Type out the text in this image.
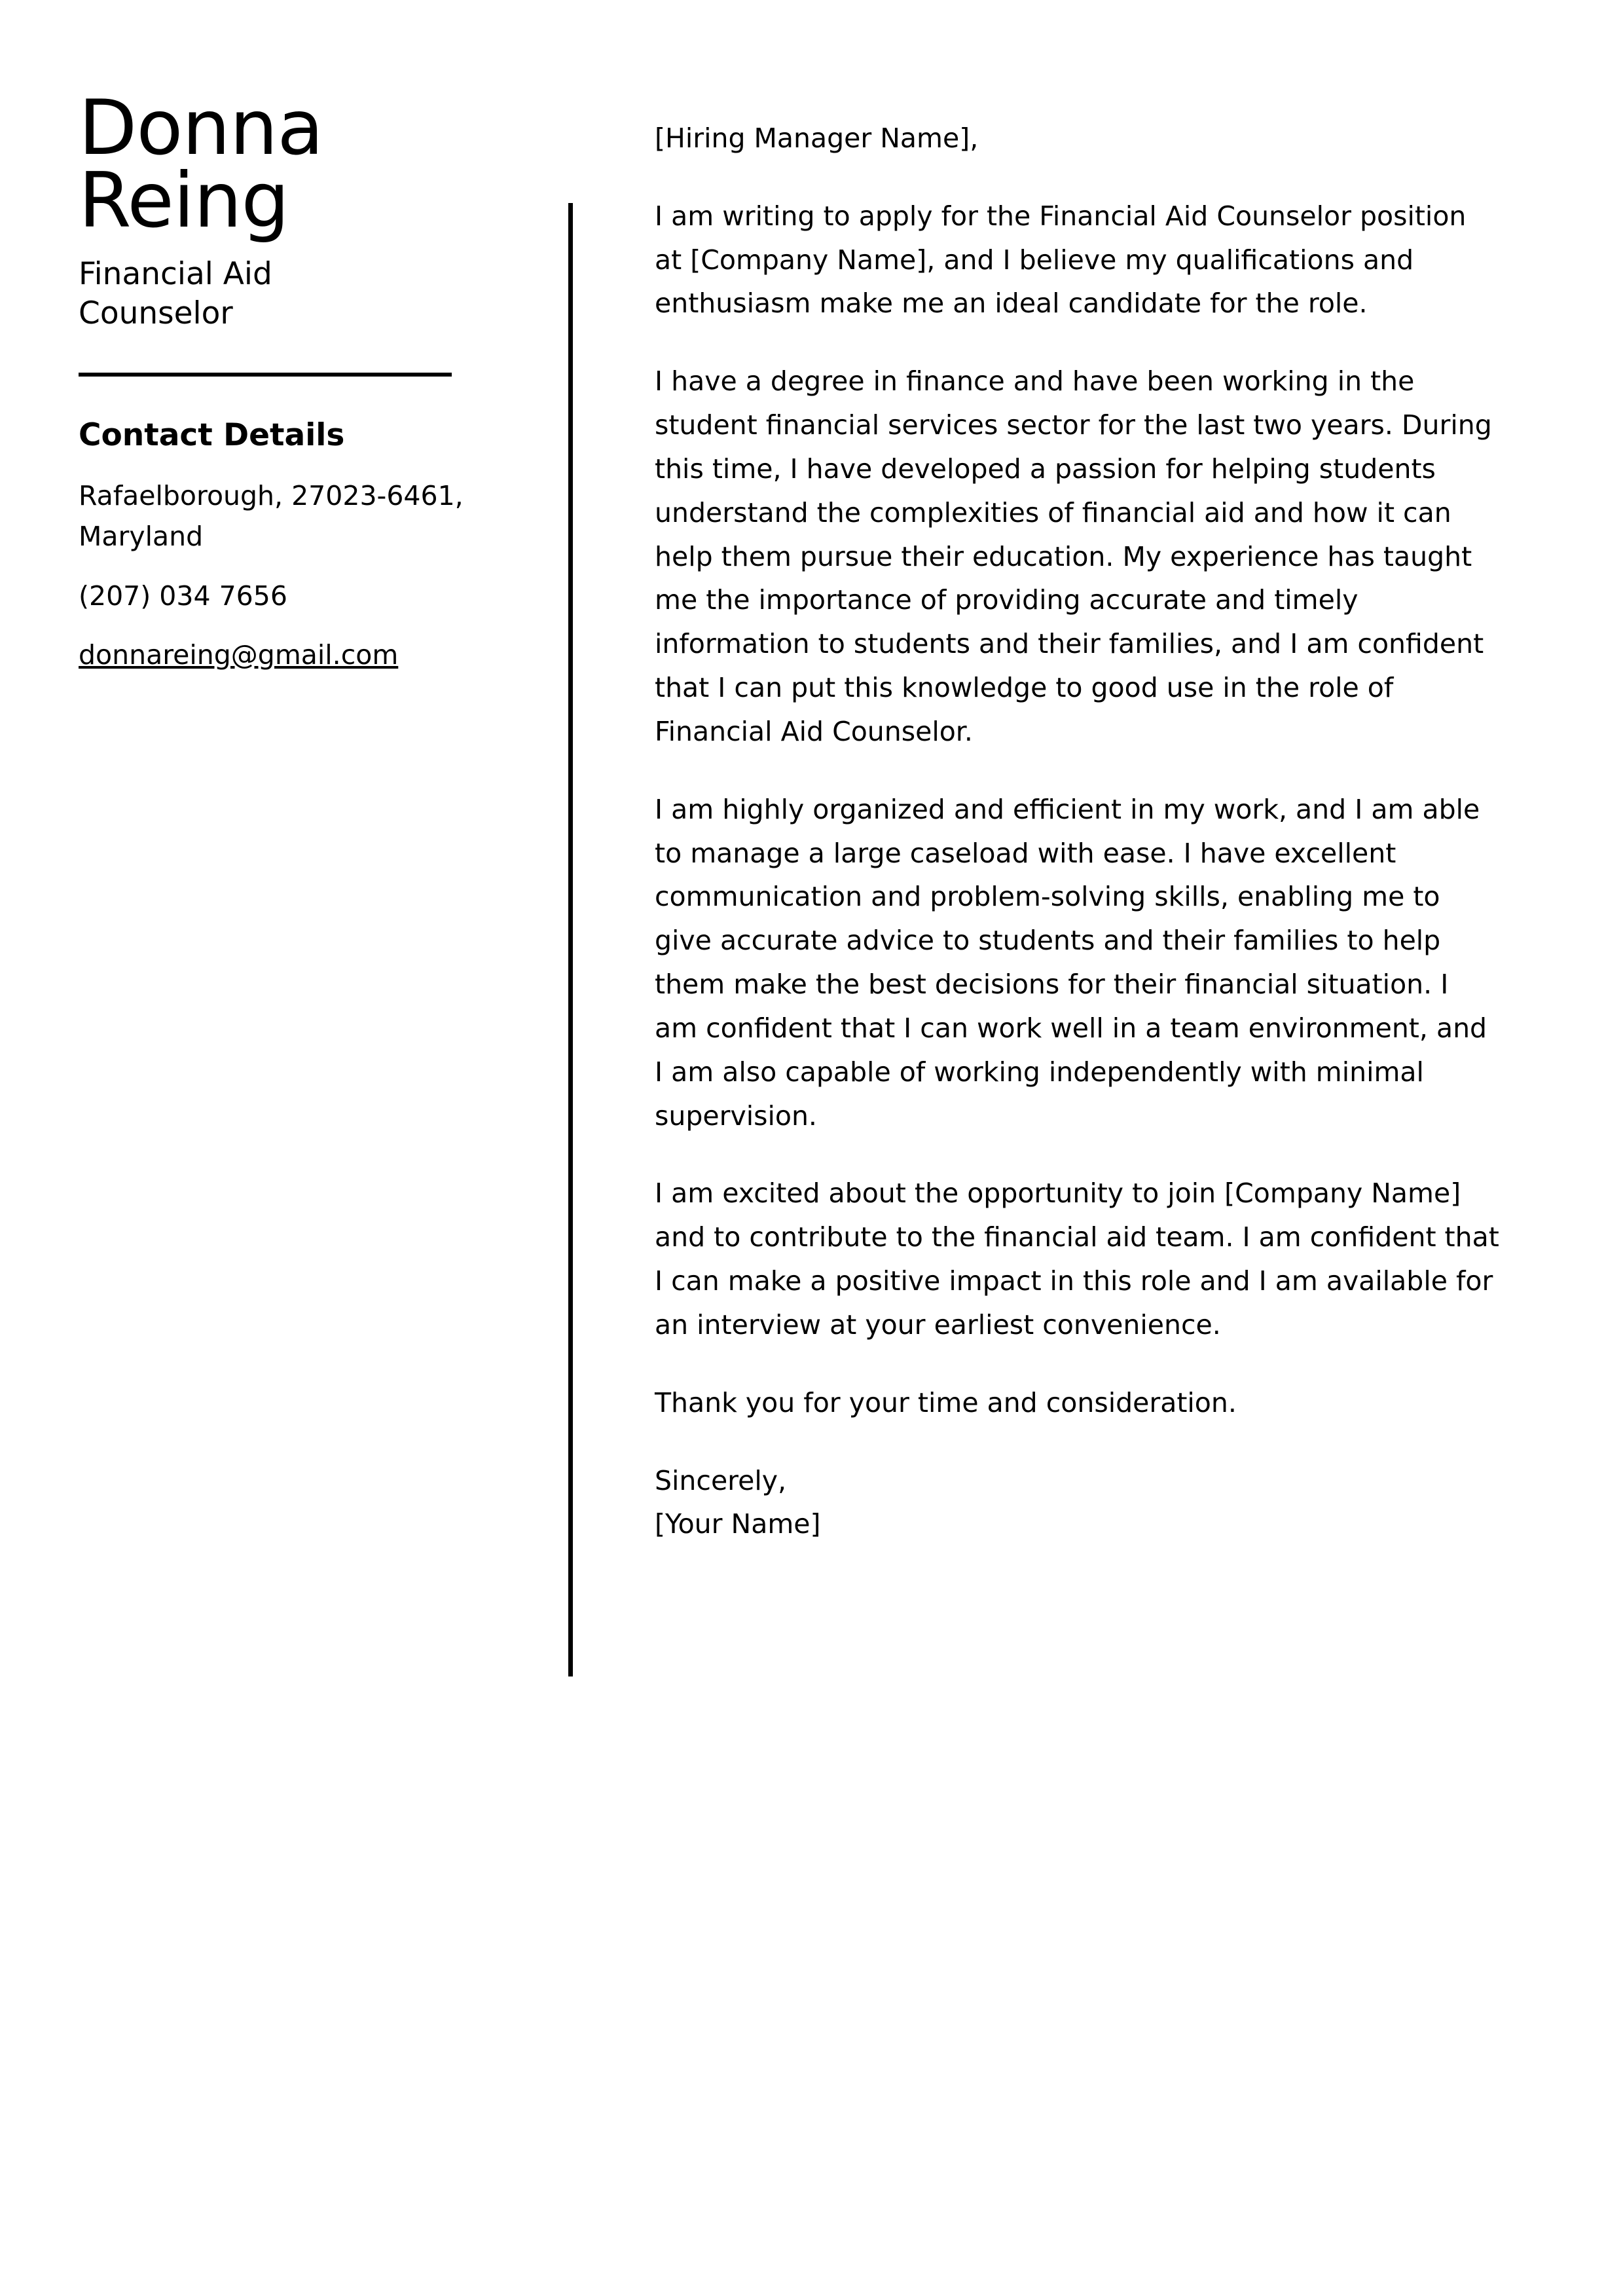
Donna
Reing
Financial Aid Counselor
Contact Details
Rafaelborough, 27023-6461, Maryland
(207) 034 7656
donnareing@gmail.com

[Hiring Manager Name],

I am writing to apply for the Financial Aid Counselor position at [Company Name], and I believe my qualifications and enthusiasm make me an ideal candidate for the role.

I have a degree in finance and have been working in the student financial services sector for the last two years. During this time, I have developed a passion for helping students understand the complexities of financial aid and how it can help them pursue their education. My experience has taught me the importance of providing accurate and timely information to students and their families, and I am confident that I can put this knowledge to good use in the role of Financial Aid Counselor.

I am highly organized and efficient in my work, and I am able to manage a large caseload with ease. I have excellent communication and problem-solving skills, enabling me to give accurate advice to students and their families to help them make the best decisions for their financial situation. I am confident that I can work well in a team environment, and I am also capable of working independently with minimal supervision.

I am excited about the opportunity to join [Company Name] and to contribute to the financial aid team. I am confident that I can make a positive impact in this role and I am available for an interview at your earliest convenience.

Thank you for your time and consideration.

Sincerely,

[Your Name]
